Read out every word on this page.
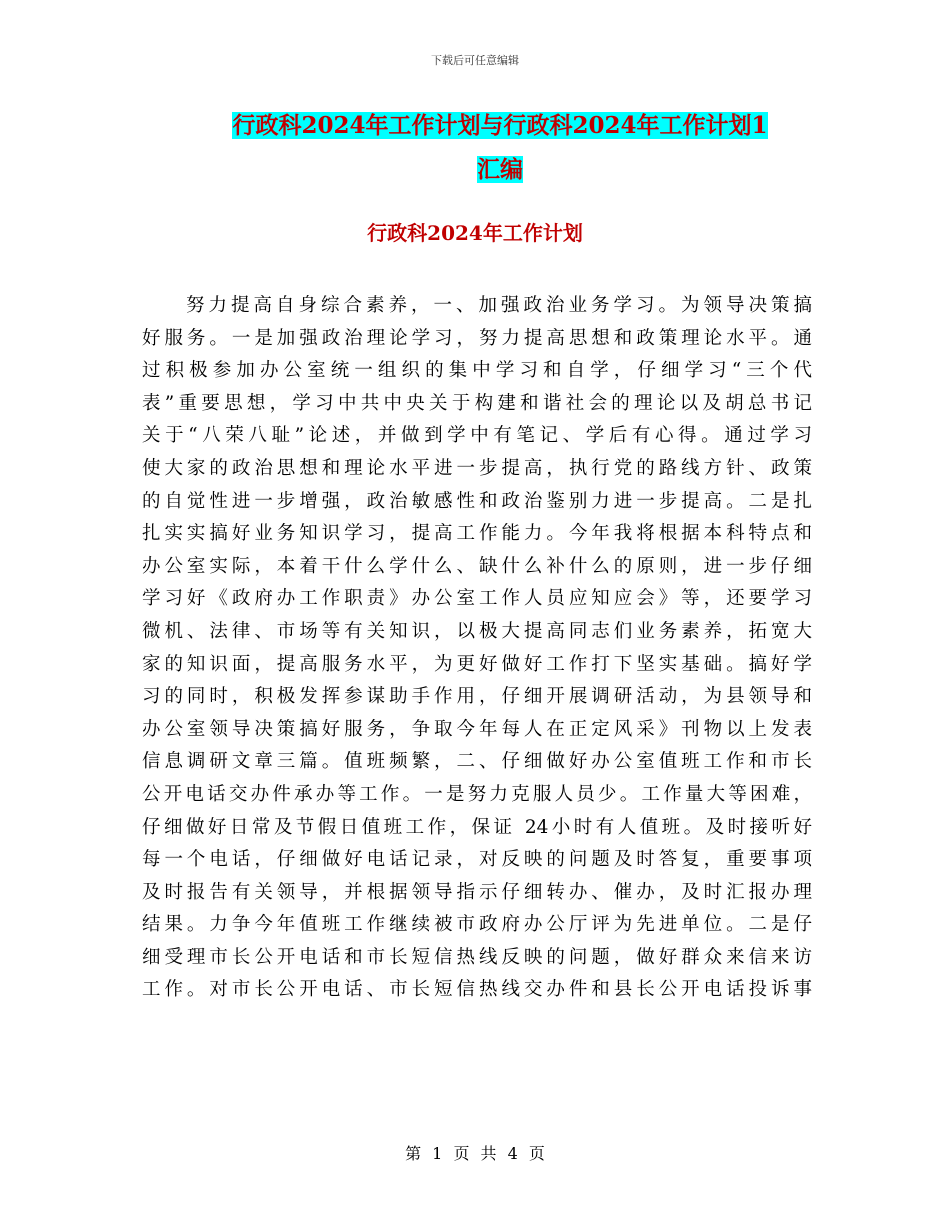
下载后可任意编辑
行政科2024年工作计划与行政科2024年工作计划1
汇编
行政科2024年工作计划
努力提高自身综合素养，一、加强政治业务学习。为领导决策搞
好服务。一是加强政治理论学习，努力提高思想和政策理论水平。通
过积极参加办公室统一组织的集中学习和自学，仔细学习“三个代
表”重要思想，学习中共中央关于构建和谐社会的理论以及胡总书记
关于“八荣八耻”论述，并做到学中有笔记、学后有心得。通过学习
使大家的政治思想和理论水平进一步提高，执行党的路线方针、政策
的自觉性进一步增强，政治敏感性和政治鉴别力进一步提高。二是扎
扎实实搞好业务知识学习，提高工作能力。今年我将根据本科特点和
办公室实际，本着干什么学什么、缺什么补什么的原则，进一步仔细
学习好《政府办工作职责》办公室工作人员应知应会》等，还要学习
微机、法律、市场等有关知识，以极大提高同志们业务素养，拓宽大
家的知识面，提高服务水平，为更好做好工作打下坚实基础。搞好学
习的同时，积极发挥参谋助手作用，仔细开展调研活动，为县领导和
办公室领导决策搞好服务，争取今年每人在正定风采》刊物以上发表
信息调研文章三篇。值班频繁，二、仔细做好办公室值班工作和市长
公开电话交办件承办等工作。一是努力克服人员少。工作量大等困难，
仔细做好日常及节假日值班工作，保证 24小时有人值班。及时接听好
每一个电话，仔细做好电话记录，对反映的问题及时答复，重要事项
及时报告有关领导，并根据领导指示仔细转办、催办，及时汇报办理
结果。力争今年值班工作继续被市政府办公厅评为先进单位。二是仔
细受理市长公开电话和市长短信热线反映的问题，做好群众来信来访
工作。对市长公开电话、市长短信热线交办件和县长公开电话投诉事
第 1 页 共 4 页
